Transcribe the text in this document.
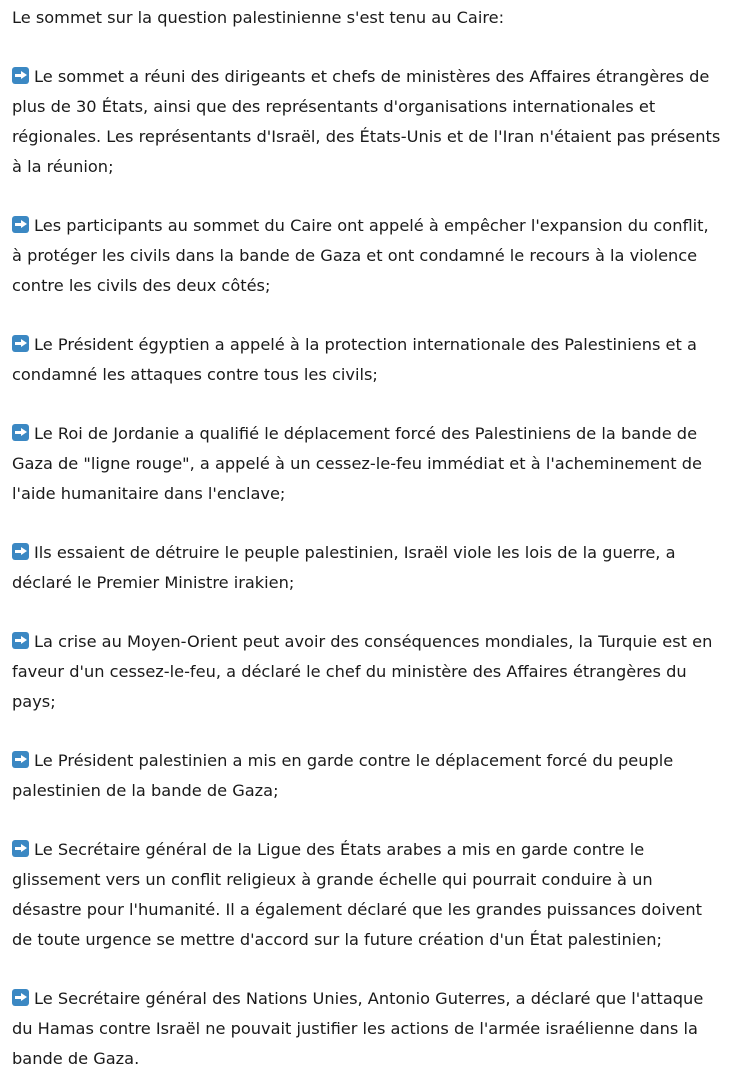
Le sommet sur la question palestinienne s'est tenu au Caire:
Le sommet a réuni des dirigeants et chefs de ministères des Affaires étrangères de plus de 30 États, ainsi que des représentants d'organisations internationales et régionales. Les représentants d'Israël, des États-Unis et de l'Iran n'étaient pas présents à la réunion;
Les participants au sommet du Caire ont appelé à empêcher l'expansion du conflit, à protéger les civils dans la bande de Gaza et ont condamné le recours à la violence contre les civils des deux côtés;
Le Président égyptien a appelé à la protection internationale des Palestiniens et a condamné les attaques contre tous les civils;
Le Roi de Jordanie a qualifié le déplacement forcé des Palestiniens de la bande de Gaza de "ligne rouge", a appelé à un cessez-le-feu immédiat et à l'acheminement de l'aide humanitaire dans l'enclave;
Ils essaient de détruire le peuple palestinien, Israël viole les lois de la guerre, a déclaré le Premier Ministre irakien;
La crise au Moyen-Orient peut avoir des conséquences mondiales, la Turquie est en faveur d'un cessez-le-feu, a déclaré le chef du ministère des Affaires étrangères du pays;
Le Président palestinien a mis en garde contre le déplacement forcé du peuple palestinien de la bande de Gaza;
Le Secrétaire général de la Ligue des États arabes a mis en garde contre le glissement vers un conflit religieux à grande échelle qui pourrait conduire à un désastre pour l'humanité. Il a également déclaré que les grandes puissances doivent de toute urgence se mettre d'accord sur la future création d'un État palestinien;
Le Secrétaire général des Nations Unies, Antonio Guterres, a déclaré que l'attaque du Hamas contre Israël ne pouvait justifier les actions de l'armée israélienne dans la bande de Gaza.
